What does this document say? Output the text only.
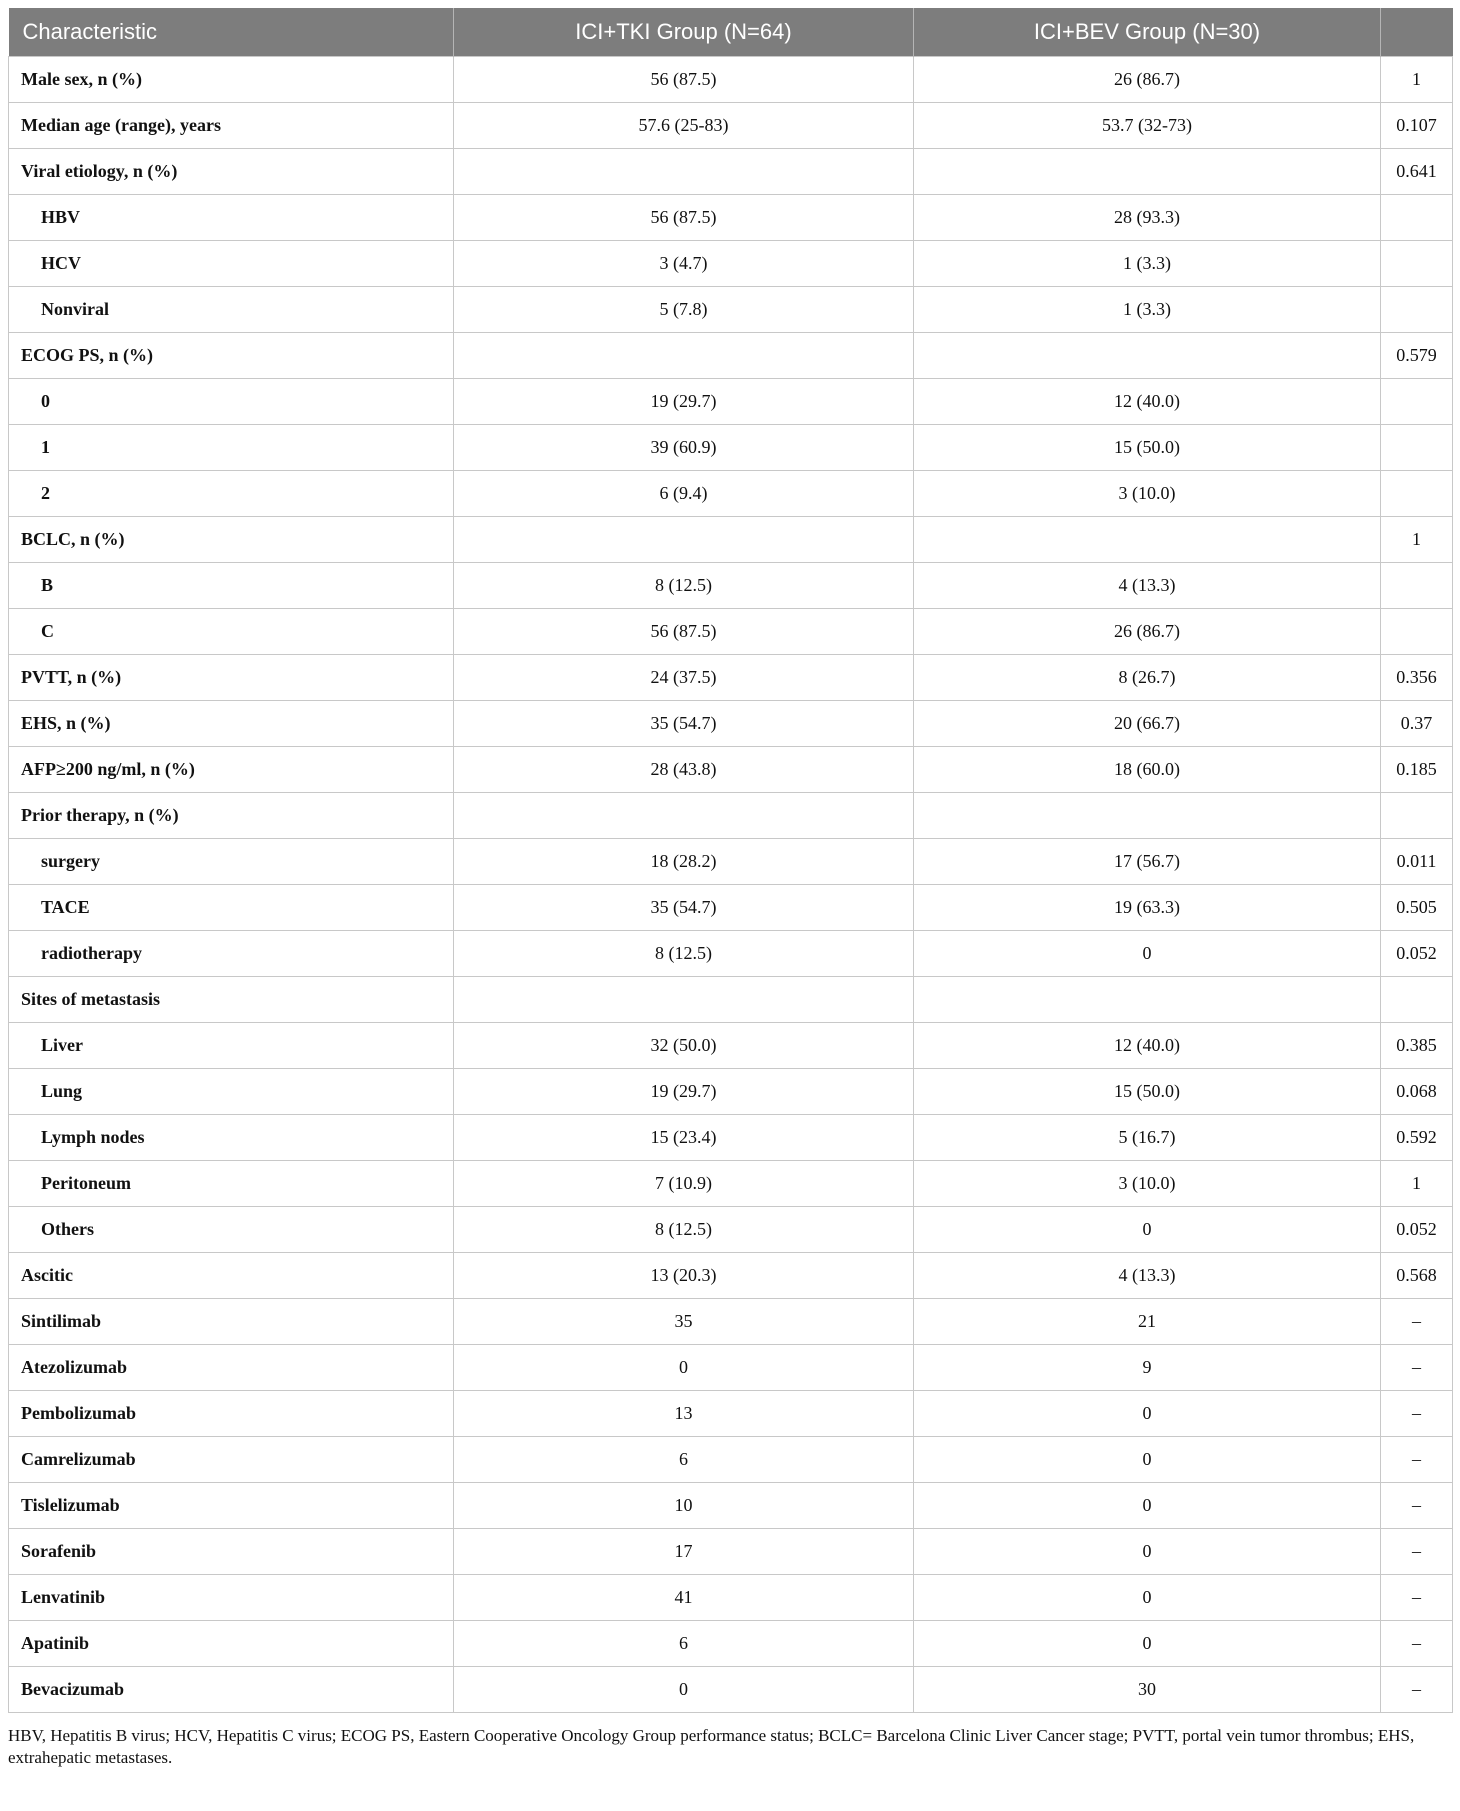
Characteristic	ICI+TKI Group (N=64)	ICI+BEV Group (N=30)	
Male sex, n (%)	56 (87.5)	26 (86.7)	1
Median age (range), years	57.6 (25-83)	53.7 (32-73)	0.107
Viral etiology, n (%)			0.641
HBV	56 (87.5)	28 (93.3)	
HCV	3 (4.7)	1 (3.3)	
Nonviral	5 (7.8)	1 (3.3)	
ECOG PS, n (%)			0.579
0	19 (29.7)	12 (40.0)	
1	39 (60.9)	15 (50.0)	
2	6 (9.4)	3 (10.0)	
BCLC, n (%)			1
B	8 (12.5)	4 (13.3)	
C	56 (87.5)	26 (86.7)	
PVTT, n (%)	24 (37.5)	8 (26.7)	0.356
EHS, n (%)	35 (54.7)	20 (66.7)	0.37
AFP≥200 ng/ml, n (%)	28 (43.8)	18 (60.0)	0.185
Prior therapy, n (%)			
surgery	18 (28.2)	17 (56.7)	0.011
TACE	35 (54.7)	19 (63.3)	0.505
radiotherapy	8 (12.5)	0	0.052
Sites of metastasis			
Liver	32 (50.0)	12 (40.0)	0.385
Lung	19 (29.7)	15 (50.0)	0.068
Lymph nodes	15 (23.4)	5 (16.7)	0.592
Peritoneum	7 (10.9)	3 (10.0)	1
Others	8 (12.5)	0	0.052
Ascitic	13 (20.3)	4 (13.3)	0.568
Sintilimab	35	21	–
Atezolizumab	0	9	–
Pembolizumab	13	0	–
Camrelizumab	6	0	–
Tislelizumab	10	0	–
Sorafenib	17	0	–
Lenvatinib	41	0	–
Apatinib	6	0	–
Bevacizumab	0	30	–
HBV, Hepatitis B virus; HCV, Hepatitis C virus; ECOG PS, Eastern Cooperative Oncology Group performance status; BCLC= Barcelona Clinic Liver Cancer stage; PVTT, portal vein tumor thrombus; EHS, extrahepatic metastases.
